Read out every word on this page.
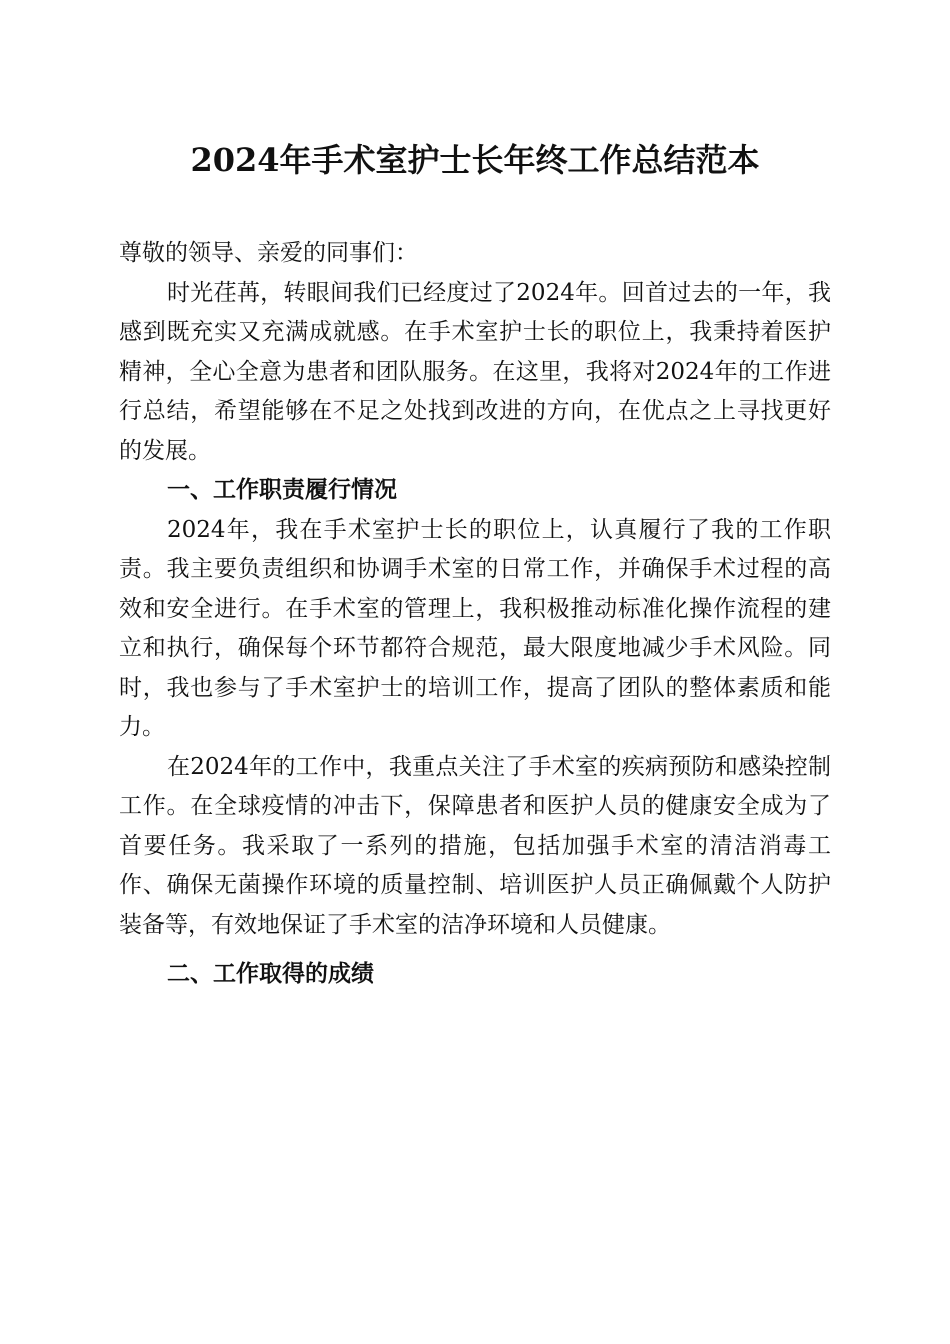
2024年手术室护士长年终工作总结范本

尊敬的领导、亲爱的同事们：

时光荏苒，转眼间我们已经度过了2024年。回首过去的一年，我感到既充实又充满成就感。在手术室护士长的职位上，我秉持着医护精神，全心全意为患者和团队服务。在这里，我将对2024年的工作进行总结，希望能够在不足之处找到改进的方向，在优点之上寻找更好的发展。

一、工作职责履行情况

2024年，我在手术室护士长的职位上，认真履行了我的工作职责。我主要负责组织和协调手术室的日常工作，并确保手术过程的高效和安全进行。在手术室的管理上，我积极推动标准化操作流程的建立和执行，确保每个环节都符合规范，最大限度地减少手术风险。同时，我也参与了手术室护士的培训工作，提高了团队的整体素质和能力。

在2024年的工作中，我重点关注了手术室的疾病预防和感染控制工作。在全球疫情的冲击下，保障患者和医护人员的健康安全成为了首要任务。我采取了一系列的措施，包括加强手术室的清洁消毒工作、确保无菌操作环境的质量控制、培训医护人员正确佩戴个人防护装备等，有效地保证了手术室的洁净环境和人员健康。

二、工作取得的成绩
